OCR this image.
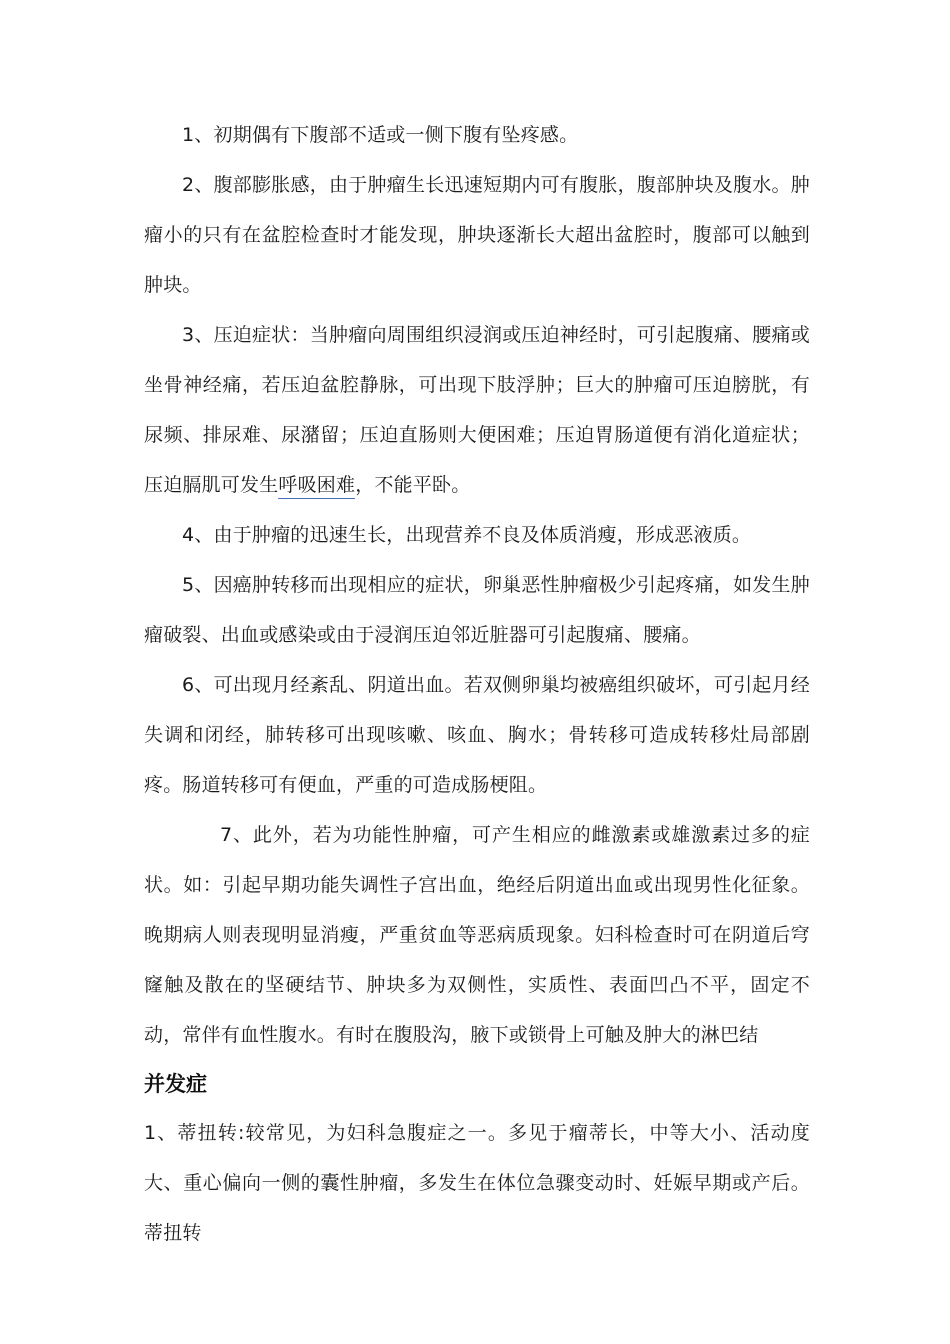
1、初期偶有下腹部不适或一侧下腹有坠疼感。

2、腹部膨胀感，由于肿瘤生长迅速短期内可有腹胀，腹部肿块及腹水。肿瘤小的只有在盆腔检查时才能发现，肿块逐渐长大超出盆腔时，腹部可以触到肿块。

3、压迫症状：当肿瘤向周围组织浸润或压迫神经时，可引起腹痛、腰痛或坐骨神经痛，若压迫盆腔静脉，可出现下肢浮肿；巨大的肿瘤可压迫膀胱，有尿频、排尿难、尿潴留；压迫直肠则大便困难；压迫胃肠道便有消化道症状；压迫膈肌可发生呼吸困难，不能平卧。

4、由于肿瘤的迅速生长，出现营养不良及体质消瘦，形成恶液质。

5、因癌肿转移而出现相应的症状，卵巢恶性肿瘤极少引起疼痛，如发生肿瘤破裂、出血或感染或由于浸润压迫邻近脏器可引起腹痛、腰痛。

6、可出现月经紊乱、阴道出血。若双侧卵巢均被癌组织破坏，可引起月经失调和闭经，肺转移可出现咳嗽、咳血、胸水；骨转移可造成转移灶局部剧疼。肠道转移可有便血，严重的可造成肠梗阻。

7、此外，若为功能性肿瘤，可产生相应的雌激素或雄激素过多的症状。如：引起早期功能失调性子宫出血，绝经后阴道出血或出现男性化征象。晚期病人则表现明显消瘦，严重贫血等恶病质现象。妇科检查时可在阴道后穹窿触及散在的坚硬结节、肿块多为双侧性，实质性、表面凹凸不平，固定不动，常伴有血性腹水。有时在腹股沟，腋下或锁骨上可触及肿大的淋巴结

并发症

1、蒂扭转:较常见，为妇科急腹症之一。多见于瘤蒂长，中等大小、活动度大、重心偏向一侧的囊性肿瘤，多发生在体位急骤变动时、妊娠早期或产后。蒂扭转
